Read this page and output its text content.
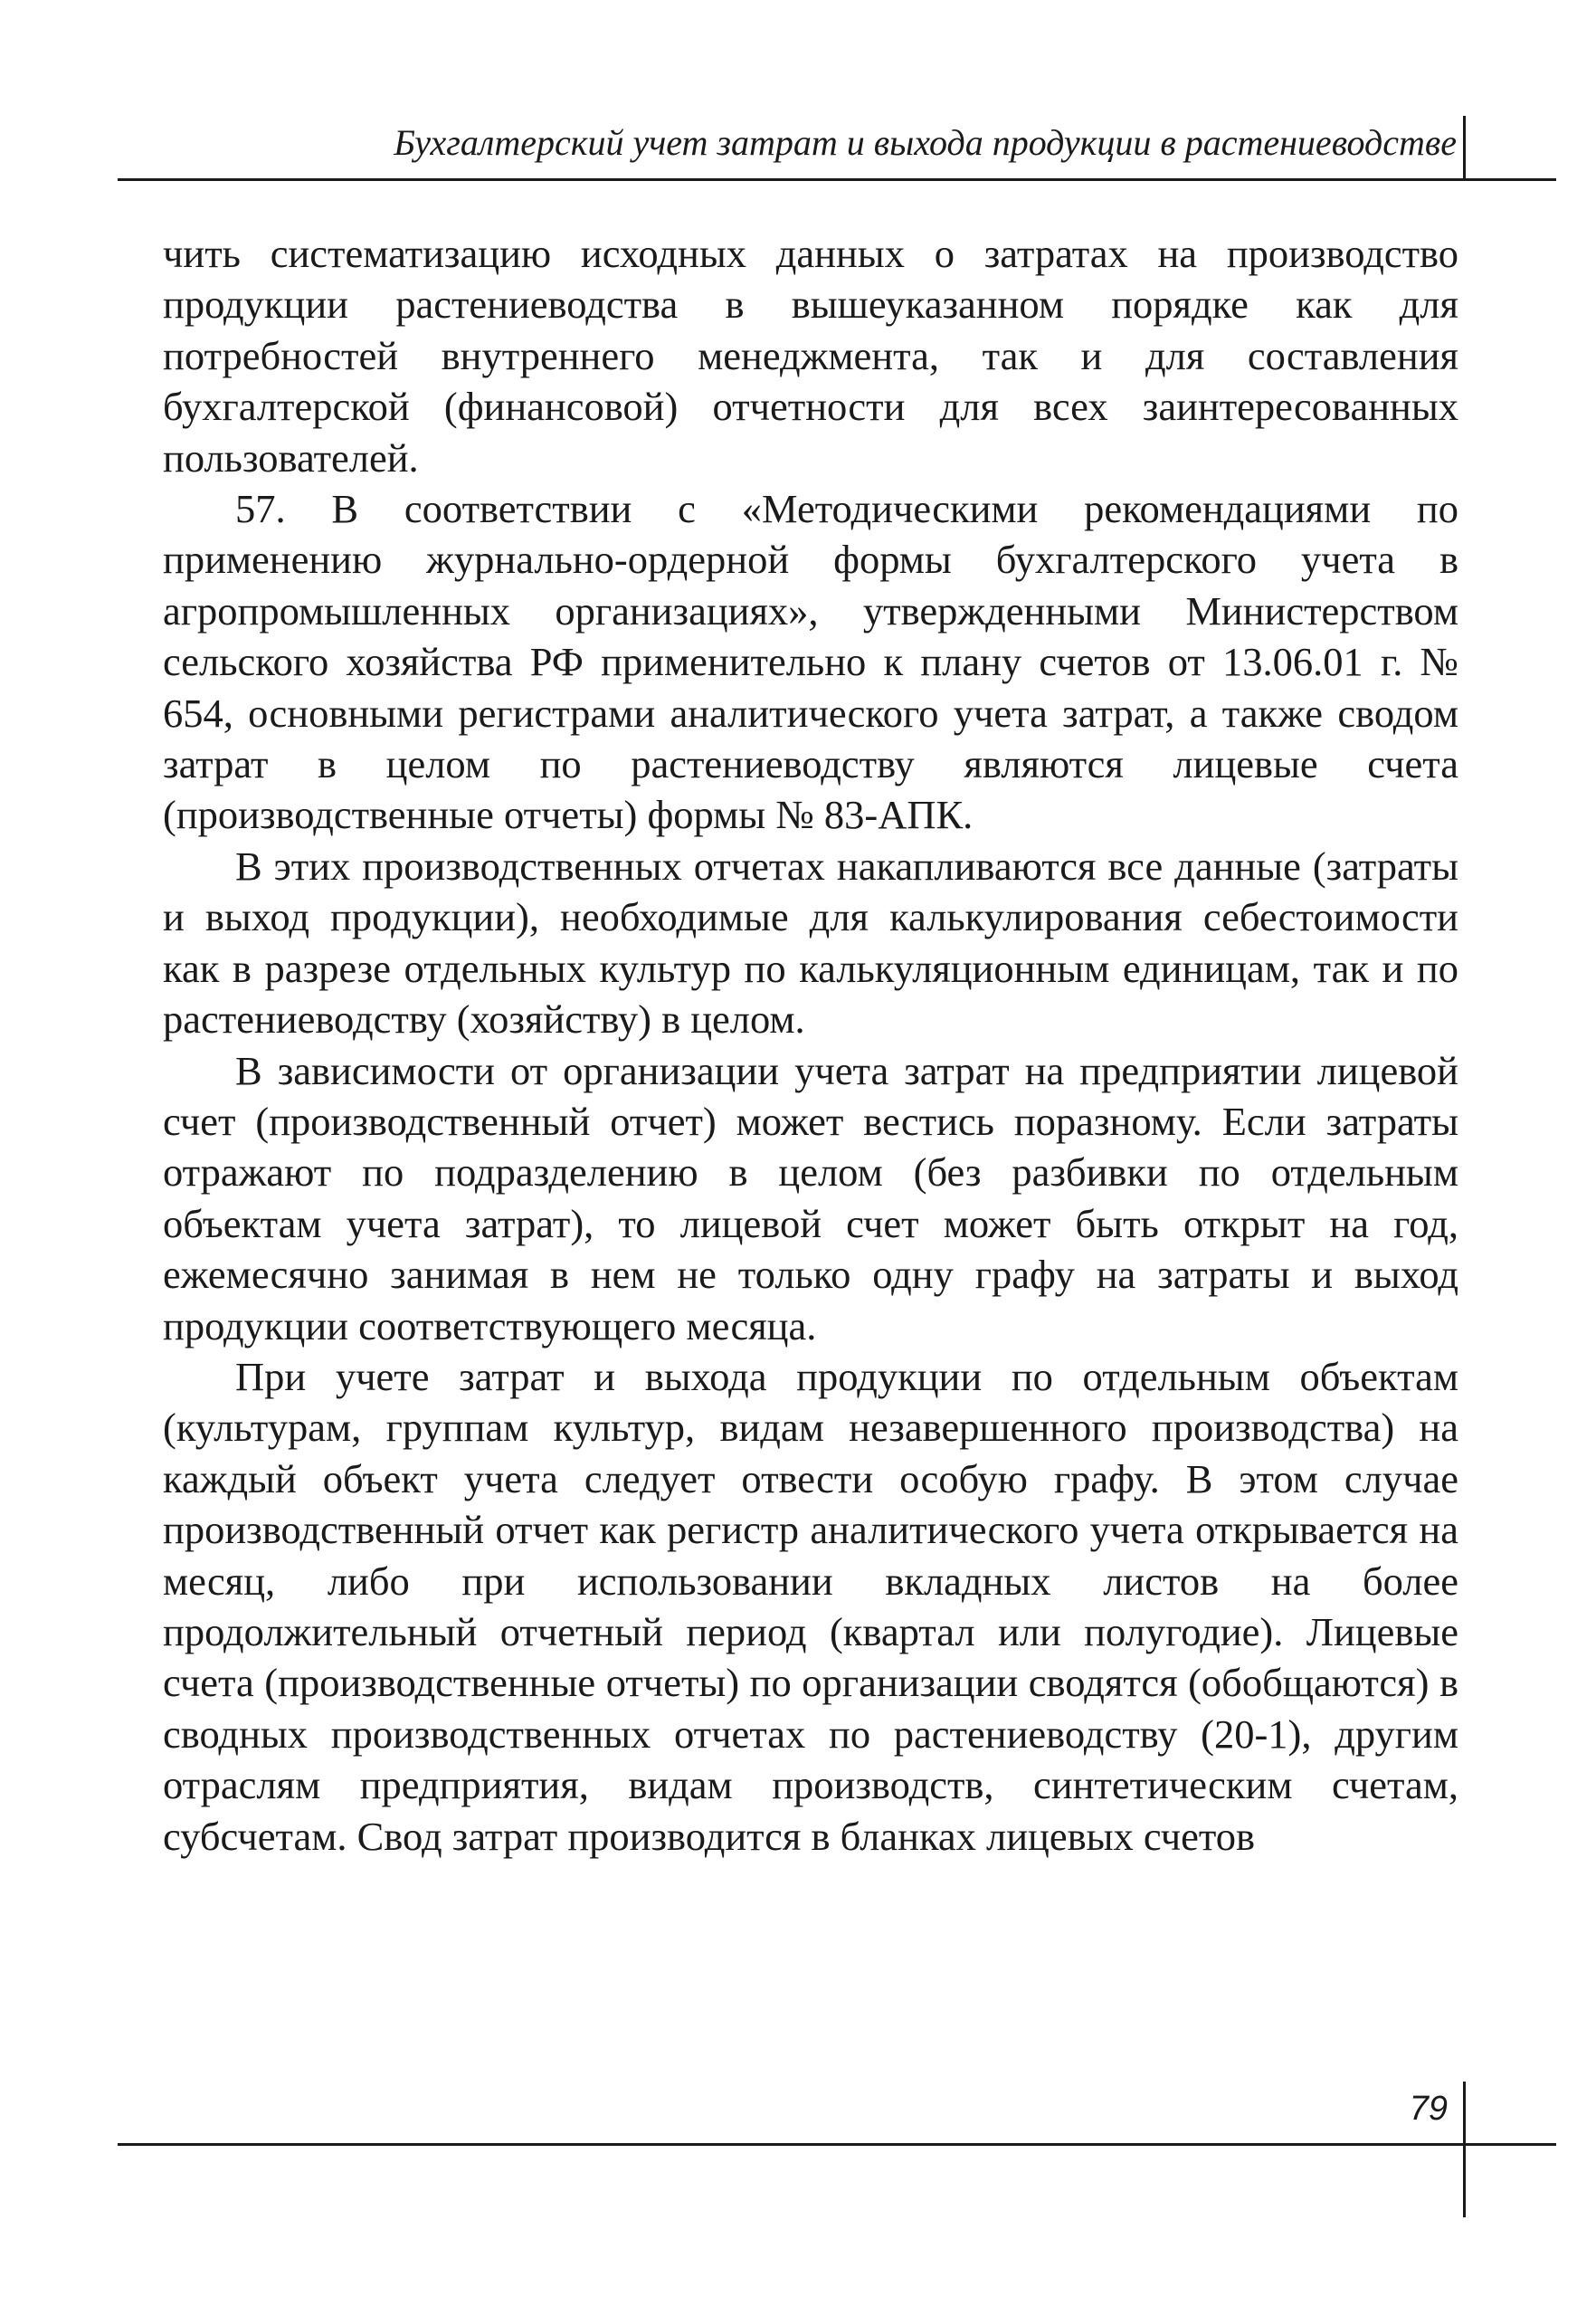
Бухгалтерский учет затрат и выхода продукции в растениеводстве

чить систематизацию исходных данных о затратах на производство продукции растениеводства в вышеуказанном порядке как для потребностей внутреннего менеджмента, так и для составления бухгалтерской (финансовой) отчетности для всех заинтересованных пользователей.

57. В соответствии с «Методическими рекомендациями по применению журнально-ордерной формы бухгалтерского учета в агропромышленных организациях», утвержденными Министерством сельского хозяйства РФ применительно к плану счетов от 13.06.01 г. № 654, основными регистрами аналитического учета затрат, а также сводом затрат в целом по растениеводству являются лицевые счета (производственные отчеты) формы № 83-АПК.

В этих производственных отчетах накапливаются все данные (затраты и выход продукции), необходимые для калькулирования себестоимости как в разрезе отдельных культур по калькуляционным единицам, так и по растениеводству (хозяйству) в целом.

В зависимости от организации учета затрат на предприятии лицевой счет (производственный отчет) может вестись поразному. Если затраты отражают по подразделению в целом (без разбивки по отдельным объектам учета затрат), то лицевой счет может быть открыт на год, ежемесячно занимая в нем не только одну графу на затраты и выход продукции соответствующего месяца.

При учете затрат и выхода продукции по отдельным объектам (культурам, группам культур, видам незавершенного производства) на каждый объект учета следует отвести особую графу. В этом случае производственный отчет как регистр аналитического учета открывается на месяц, либо при использовании вкладных листов на более продолжительный отчетный период (квартал или полугодие). Лицевые счета (производственные отчеты) по организации сводятся (обобщаются) в сводных производственных отчетах по растениеводству (20-1), другим отраслям предприятия, видам производств, синтетическим счетам, субсчетам. Свод затрат производится в бланках лицевых счетов

79
